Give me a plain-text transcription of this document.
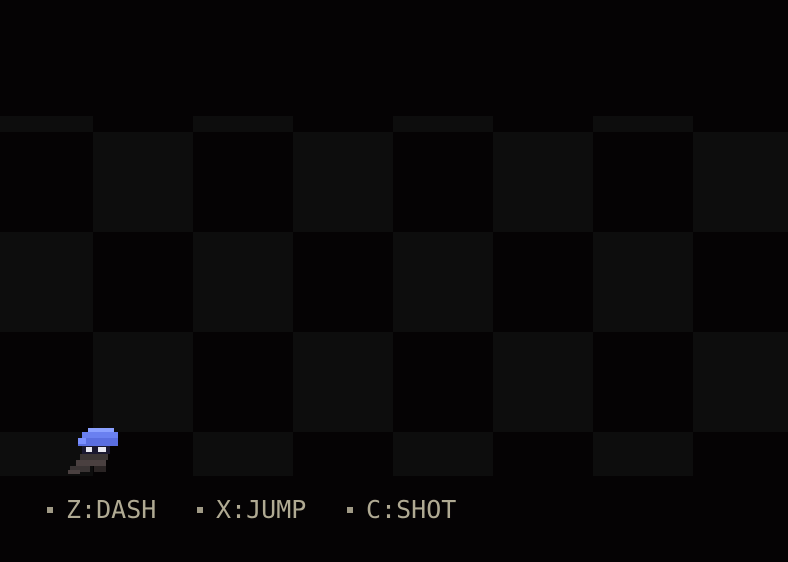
Z:DASH X:JUMP C:SHOT
